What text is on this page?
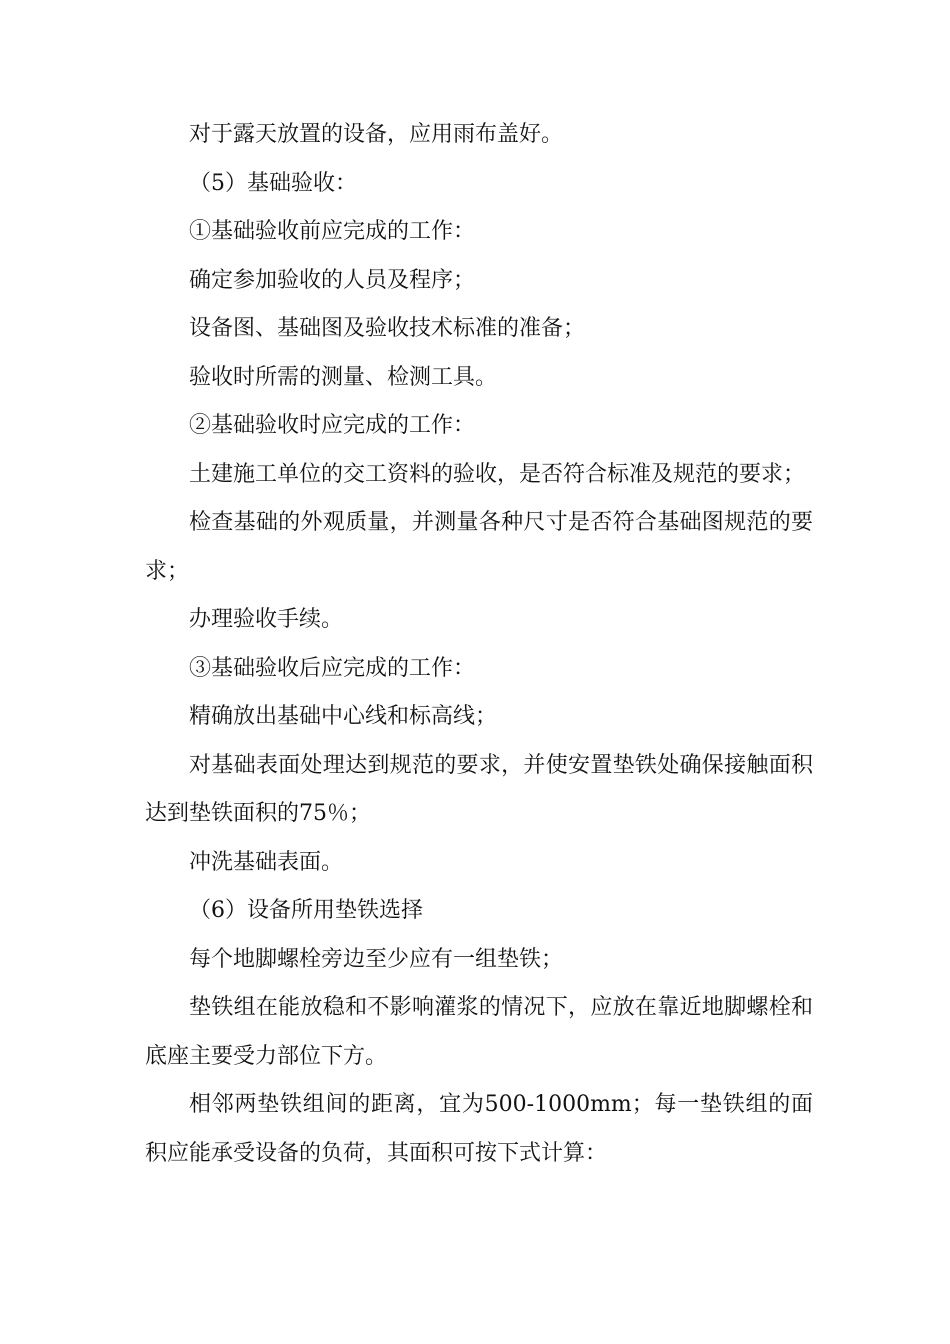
对于露天放置的设备，应用雨布盖好。

（5）基础验收：

①基础验收前应完成的工作：

确定参加验收的人员及程序；

设备图、基础图及验收技术标准的准备；

验收时所需的测量、检测工具。

②基础验收时应完成的工作：

土建施工单位的交工资料的验收，是否符合标准及规范的要求；

检查基础的外观质量，并测量各种尺寸是否符合基础图规范的要求；

办理验收手续。

③基础验收后应完成的工作：

精确放出基础中心线和标高线；

对基础表面处理达到规范的要求，并使安置垫铁处确保接触面积达到垫铁面积的75％；

冲洗基础表面。

（6）设备所用垫铁选择

每个地脚螺栓旁边至少应有一组垫铁；

垫铁组在能放稳和不影响灌浆的情况下，应放在靠近地脚螺栓和底座主要受力部位下方。

相邻两垫铁组间的距离，宜为500-1000mm；每一垫铁组的面积应能承受设备的负荷，其面积可按下式计算：
